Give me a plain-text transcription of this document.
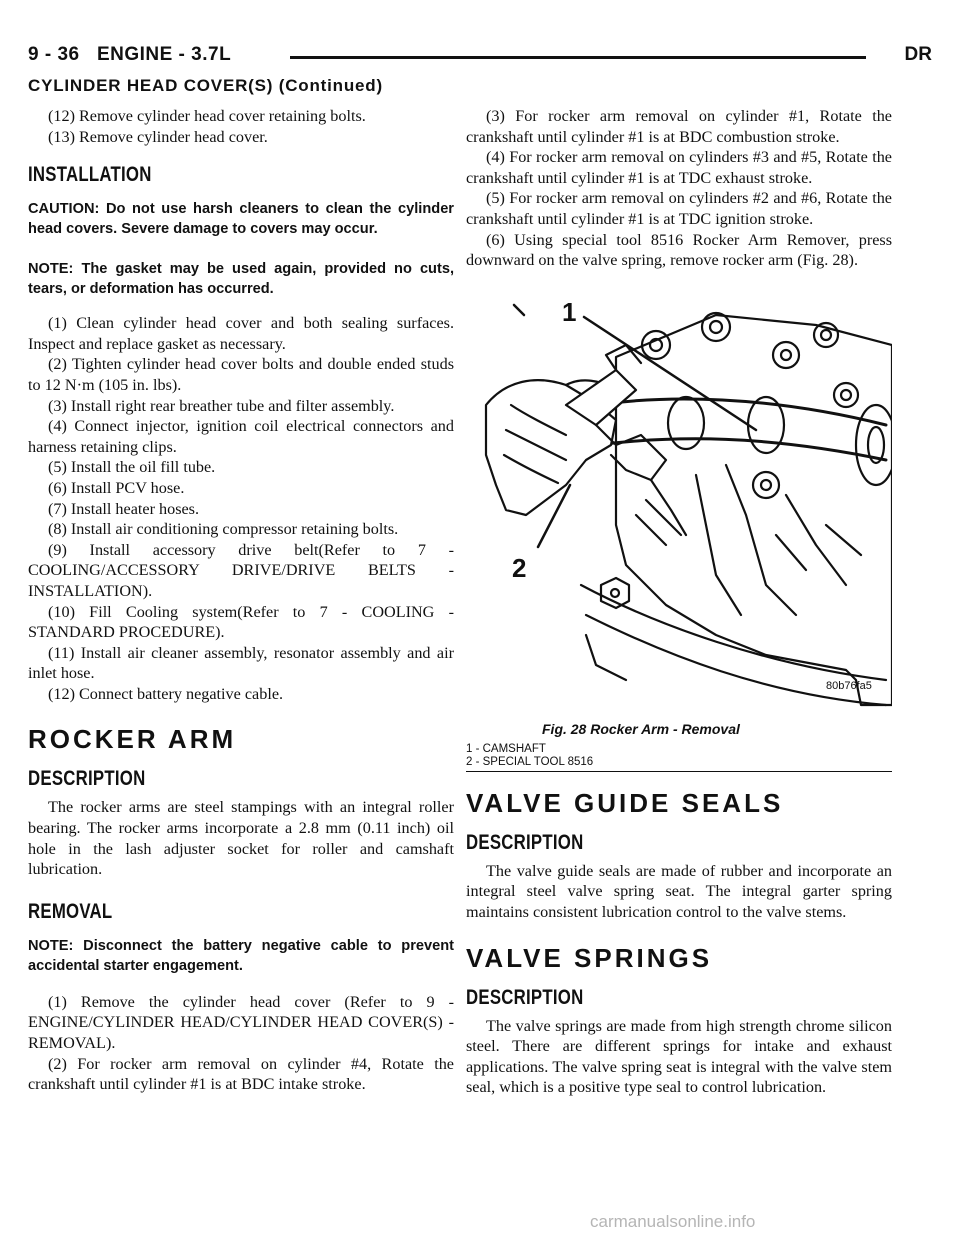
9 - 36 ENGINE - 3.7L	DR
CYLINDER HEAD COVER(S) (Continued)

(12) Remove cylinder head cover retaining bolts.

(13) Remove cylinder head cover.

INSTALLATION

CAUTION: Do not use harsh cleaners to clean the cylinder head covers. Severe damage to covers may occur.

NOTE: The gasket may be used again, provided no cuts, tears, or deformation has occurred.

(1) Clean cylinder head cover and both sealing surfaces. Inspect and replace gasket as necessary.

(2) Tighten cylinder head cover bolts and double ended studs to 12 N·m (105 in. lbs).

(3) Install right rear breather tube and filter assembly.

(4) Connect injector, ignition coil electrical connectors and harness retaining clips.

(5) Install the oil fill tube.

(6) Install PCV hose.

(7) Install heater hoses.

(8) Install air conditioning compressor retaining bolts.

(9) Install accessory drive belt(Refer to 7 - COOLING/ACCESSORY DRIVE/DRIVE BELTS - INSTALLATION).

(10) Fill Cooling system(Refer to 7 - COOLING - STANDARD PROCEDURE).

(11) Install air cleaner assembly, resonator assembly and air inlet hose.

(12) Connect battery negative cable.

ROCKER ARM

DESCRIPTION

The rocker arms are steel stampings with an integral roller bearing. The rocker arms incorporate a 2.8 mm (0.11 inch) oil hole in the lash adjuster socket for roller and camshaft lubrication.

REMOVAL

NOTE: Disconnect the battery negative cable to prevent accidental starter engagement.

(1) Remove the cylinder head cover (Refer to 9 - ENGINE/CYLINDER HEAD/CYLINDER HEAD COVER(S) - REMOVAL).

(2) For rocker arm removal on cylinder #4, Rotate the crankshaft until cylinder #1 is at BDC intake stroke.

(3) For rocker arm removal on cylinder #1, Rotate the crankshaft until cylinder #1 is at BDC combustion stroke.

(4) For rocker arm removal on cylinders #3 and #5, Rotate the crankshaft until cylinder #1 is at TDC exhaust stroke.

(5) For rocker arm removal on cylinders #2 and #6, Rotate the crankshaft until cylinder #1 is at TDC ignition stroke.

(6) Using special tool 8516 Rocker Arm Remover, press downward on the valve spring, remove rocker arm (Fig. 28).

1
2
80b76fa5
Fig. 28 Rocker Arm - Removal
1 - CAMSHAFT
2 - SPECIAL TOOL 8516

VALVE GUIDE SEALS

DESCRIPTION

The valve guide seals are made of rubber and incorporate an integral steel valve spring seat. The integral garter spring maintains consistent lubrication control to the valve stems.

VALVE SPRINGS

DESCRIPTION

The valve springs are made from high strength chrome silicon steel. There are different springs for intake and exhaust applications. The valve spring seat is integral with the valve stem seal, which is a positive type seal to control lubrication.

carmanualsonline.info
